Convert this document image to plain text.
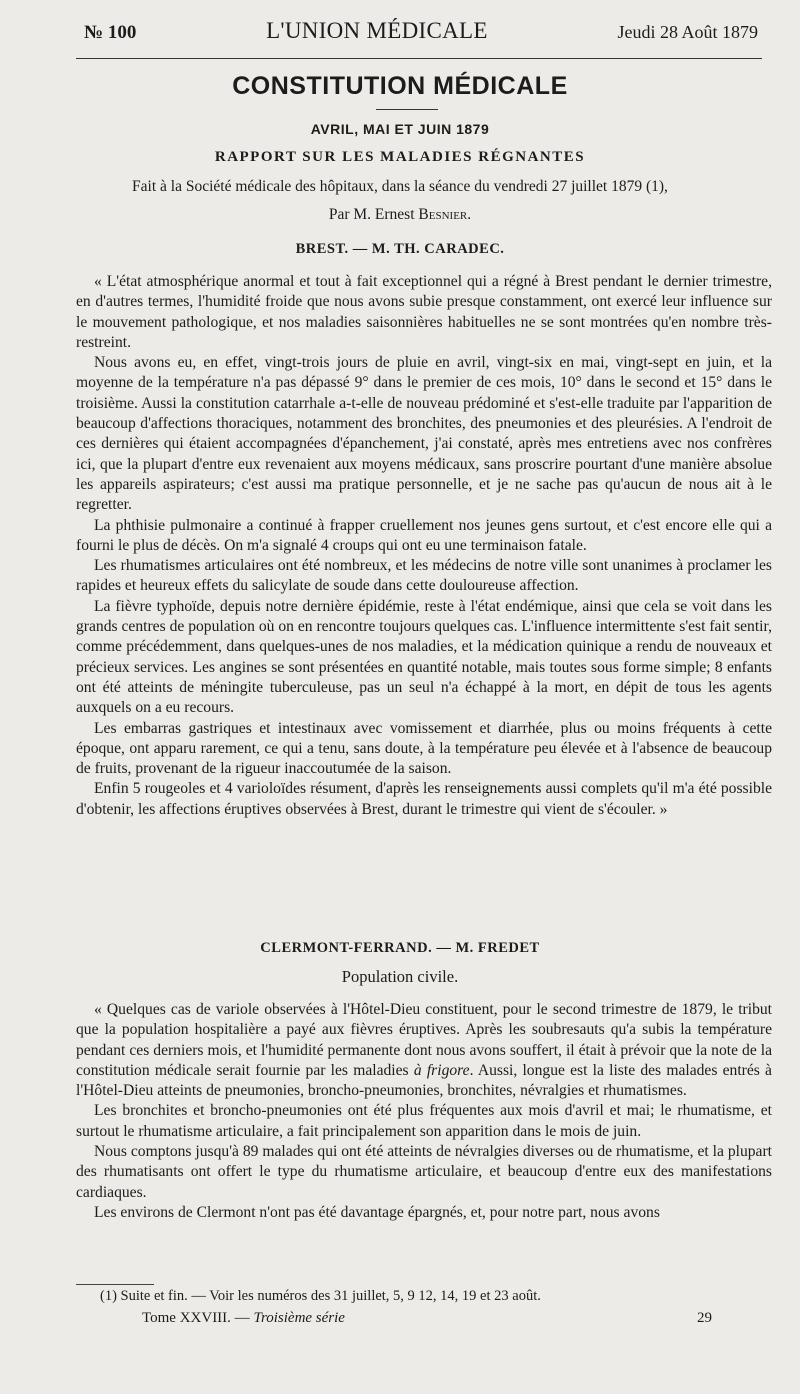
№ 100	L'UNION MÉDICALE	Jeudi 28 Août 1879
CONSTITUTION MÉDICALE
AVRIL, MAI ET JUIN 1879
RAPPORT SUR LES MALADIES RÉGNANTES
Fait à la Société médicale des hôpitaux, dans la séance du vendredi 27 juillet 1879 (1),
Par M. Ernest Besnier.
BREST. — M. TH. CARADEC.

« L'état atmosphérique anormal et tout à fait exceptionnel qui a régné à Brest pendant le dernier trimestre, en d'autres termes, l'humidité froide que nous avons subie presque constamment, ont exercé leur influence sur le mouvement pathologique, et nos maladies saisonnières habituelles ne se sont montrées qu'en nombre très-restreint.

Nous avons eu, en effet, vingt-trois jours de pluie en avril, vingt-six en mai, vingt-sept en juin, et la moyenne de la température n'a pas dépassé 9° dans le premier de ces mois, 10° dans le second et 15° dans le troisième. Aussi la constitution catarrhale a-t-elle de nouveau prédominé et s'est-elle traduite par l'apparition de beaucoup d'affections thoraciques, notamment des bronchites, des pneumonies et des pleurésies. A l'endroit de ces dernières qui étaient accompagnées d'épanchement, j'ai constaté, après mes entretiens avec nos confrères ici, que la plupart d'entre eux revenaient aux moyens médicaux, sans proscrire pourtant d'une manière absolue les appareils aspirateurs; c'est aussi ma pratique personnelle, et je ne sache pas qu'aucun de nous ait à le regretter.

La phthisie pulmonaire a continué à frapper cruellement nos jeunes gens surtout, et c'est encore elle qui a fourni le plus de décès. On m'a signalé 4 croups qui ont eu une terminaison fatale.

Les rhumatismes articulaires ont été nombreux, et les médecins de notre ville sont unanimes à proclamer les rapides et heureux effets du salicylate de soude dans cette douloureuse affection.

La fièvre typhoïde, depuis notre dernière épidémie, reste à l'état endémique, ainsi que cela se voit dans les grands centres de population où on en rencontre toujours quelques cas. L'influence intermittente s'est fait sentir, comme précédemment, dans quelques-unes de nos maladies, et la médication quinique a rendu de nouveaux et précieux services. Les angines se sont présentées en quantité notable, mais toutes sous forme simple; 8 enfants ont été atteints de méningite tuberculeuse, pas un seul n'a échappé à la mort, en dépit de tous les agents auxquels on a eu recours.

Les embarras gastriques et intestinaux avec vomissement et diarrhée, plus ou moins fréquents à cette époque, ont apparu rarement, ce qui a tenu, sans doute, à la température peu élevée et à l'absence de beaucoup de fruits, provenant de la rigueur inaccoutumée de la saison.

Enfin 5 rougeoles et 4 varioloïdes résument, d'après les renseignements aussi complets qu'il m'a été possible d'obtenir, les affections éruptives observées à Brest, durant le trimestre qui vient de s'écouler. »

CLERMONT-FERRAND. — M. FREDET
Population civile.

« Quelques cas de variole observées à l'Hôtel-Dieu constituent, pour le second trimestre de 1879, le tribut que la population hospitalière a payé aux fièvres éruptives. Après les soubresauts qu'a subis la température pendant ces derniers mois, et l'humidité permanente dont nous avons souffert, il était à prévoir que la note de la constitution médicale serait fournie par les maladies à frigore. Aussi, longue est la liste des malades entrés à l'Hôtel-Dieu atteints de pneumonies, broncho-pneumonies, bronchites, névralgies et rhumatismes.

Les bronchites et broncho-pneumonies ont été plus fréquentes aux mois d'avril et mai; le rhumatisme, et surtout le rhumatisme articulaire, a fait principalement son apparition dans le mois de juin.

Nous comptons jusqu'à 89 malades qui ont été atteints de névralgies diverses ou de rhumatisme, et la plupart des rhumatisants ont offert le type du rhumatisme articulaire, et beaucoup d'entre eux des manifestations cardiaques.

Les environs de Clermont n'ont pas été davantage épargnés, et, pour notre part, nous avons

(1) Suite et fin. — Voir les numéros des 31 juillet, 5, 9 12, 14, 19 et 23 août.
Tome XXVIII. — Troisième série	29
